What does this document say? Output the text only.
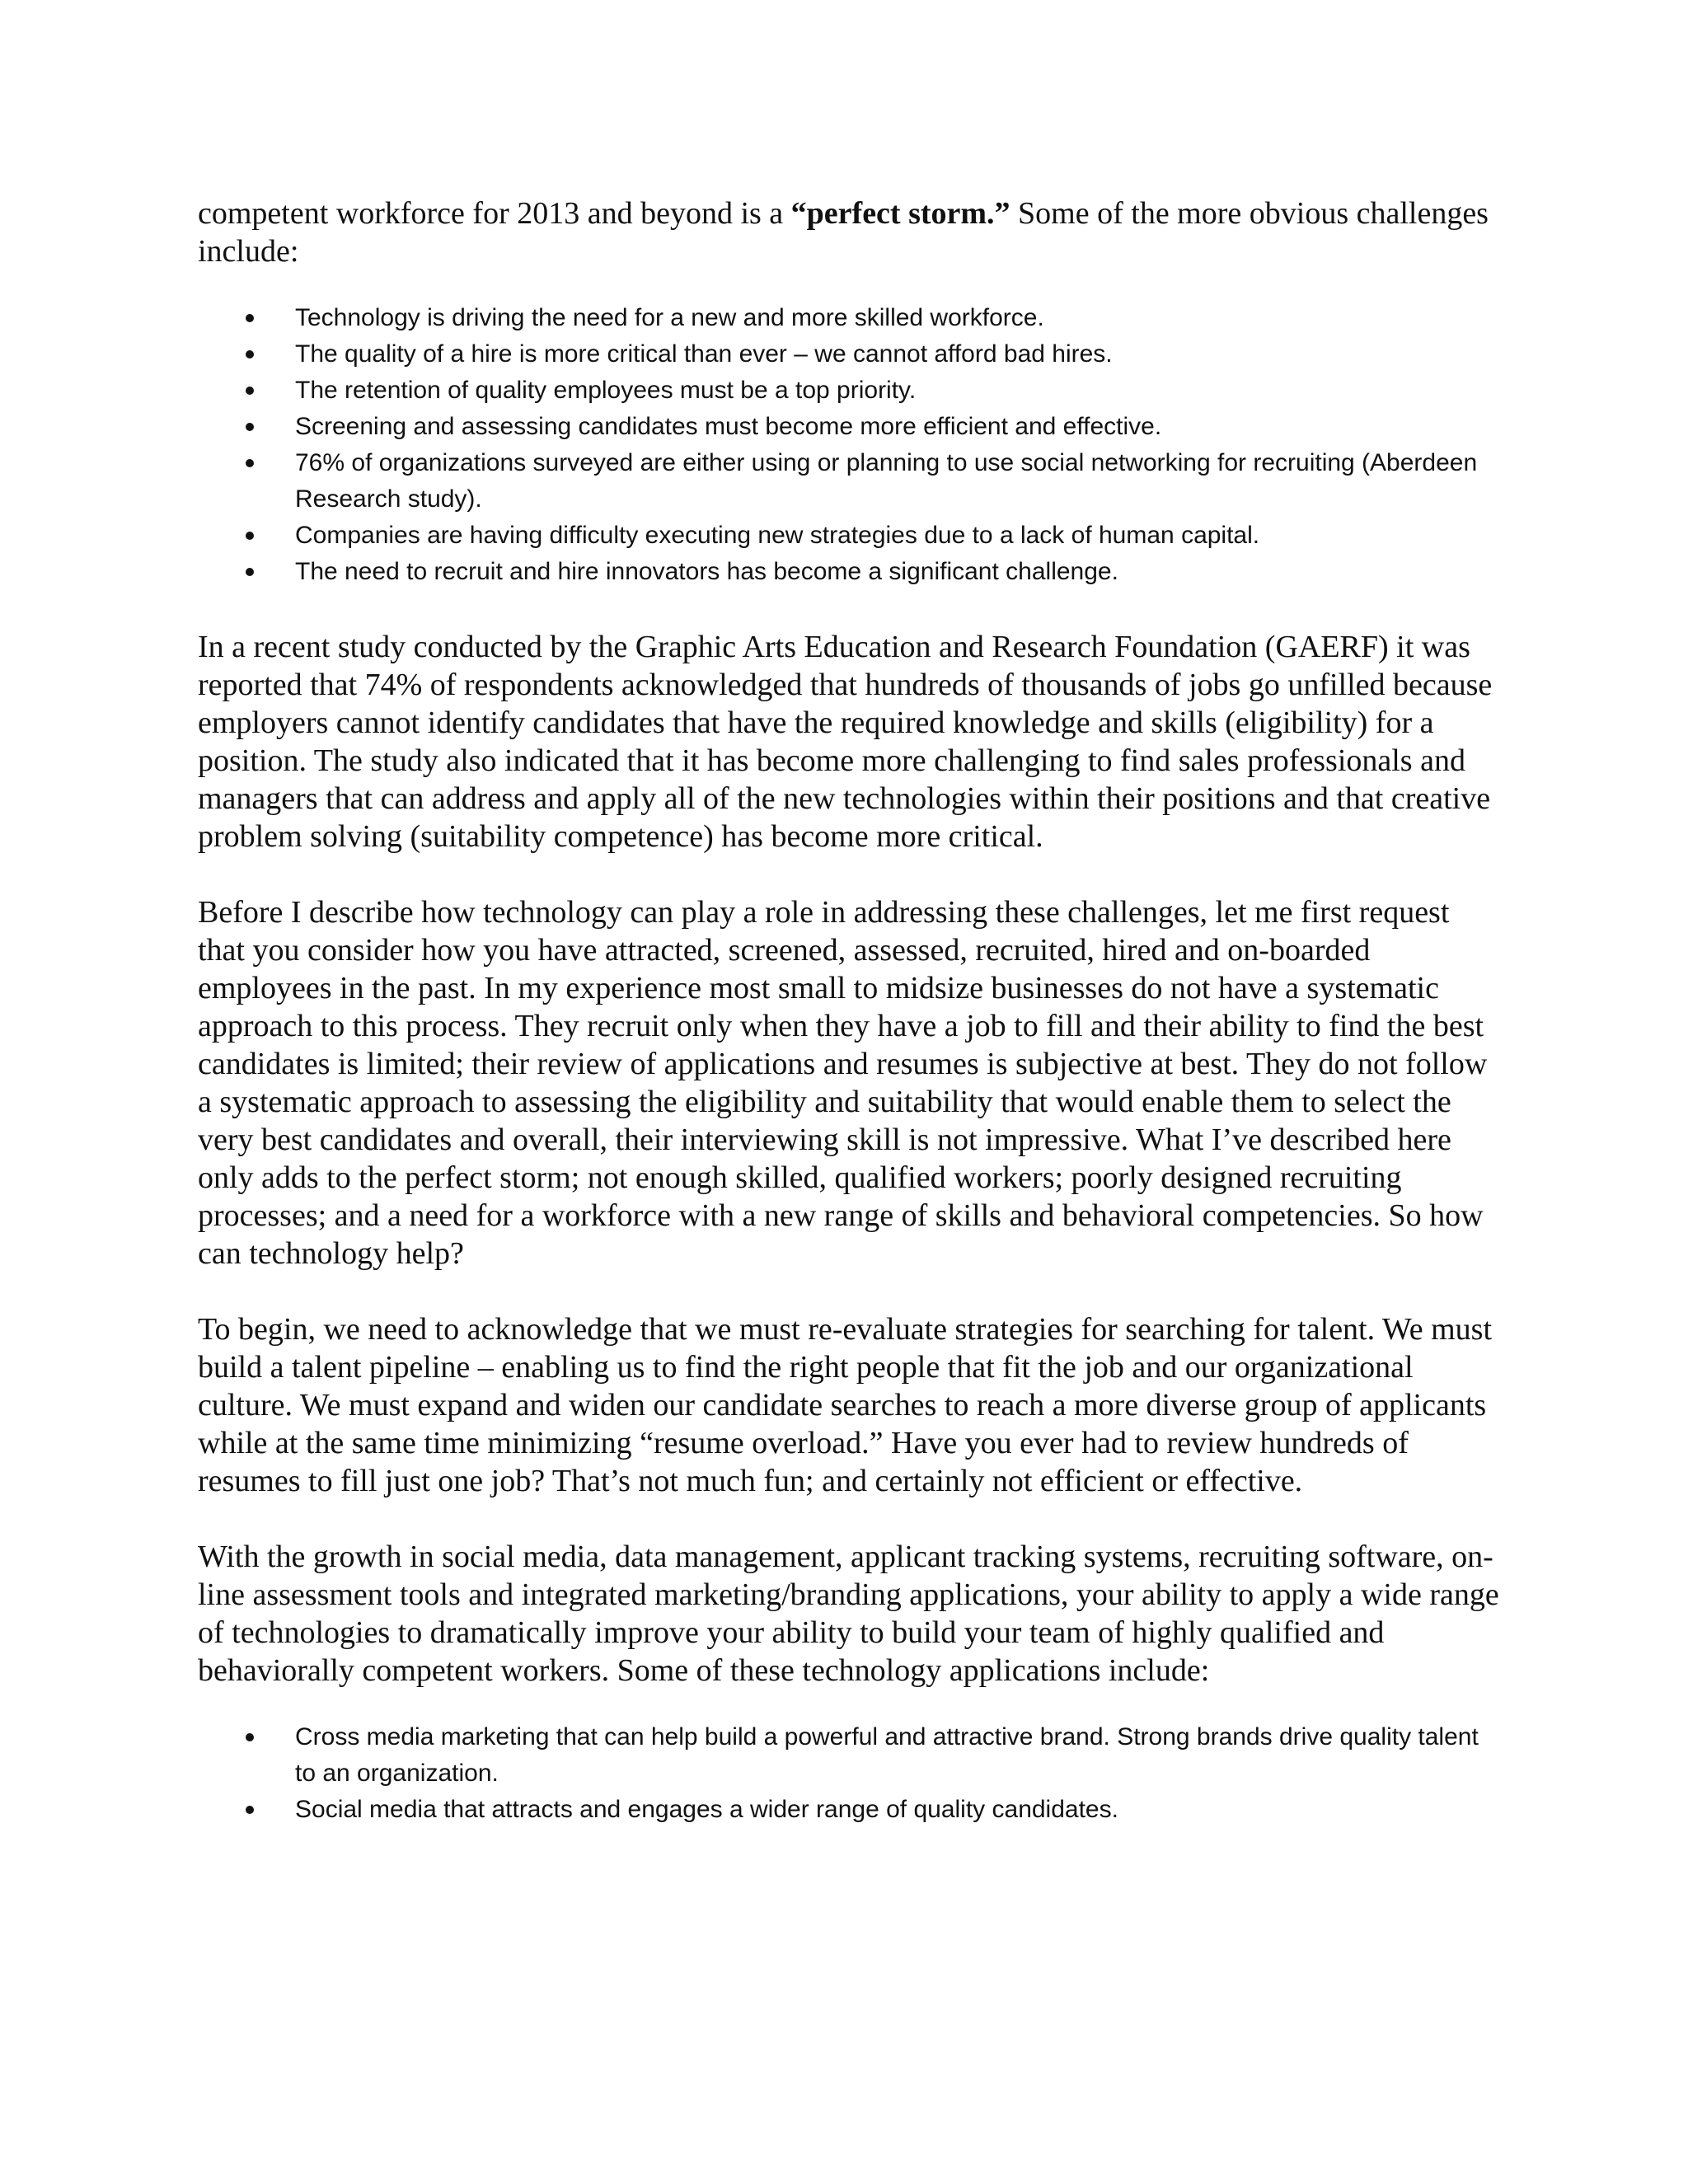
competent workforce for 2013 and beyond is a “perfect storm.” Some of the more obvious challenges include:

Technology is driving the need for a new and more skilled workforce.
The quality of a hire is more critical than ever – we cannot afford bad hires.
The retention of quality employees must be a top priority.
Screening and assessing candidates must become more efficient and effective.
76% of organizations surveyed are either using or planning to use social networking for recruiting (Aberdeen Research study).
Companies are having difficulty executing new strategies due to a lack of human capital.
The need to recruit and hire innovators has become a significant challenge.

In a recent study conducted by the Graphic Arts Education and Research Foundation (GAERF) it was reported that 74% of respondents acknowledged that hundreds of thousands of jobs go unfilled because employers cannot identify candidates that have the required knowledge and skills (eligibility) for a position. The study also indicated that it has become more challenging to find sales professionals and managers that can address and apply all of the new technologies within their positions and that creative problem solving (suitability competence) has become more critical.

Before I describe how technology can play a role in addressing these challenges, let me first request that you consider how you have attracted, screened, assessed, recruited, hired and on-boarded employees in the past. In my experience most small to midsize businesses do not have a systematic approach to this process. They recruit only when they have a job to fill and their ability to find the best candidates is limited; their review of applications and resumes is subjective at best. They do not follow a systematic approach to assessing the eligibility and suitability that would enable them to select the very best candidates and overall, their interviewing skill is not impressive. What I’ve described here only adds to the perfect storm; not enough skilled, qualified workers; poorly designed recruiting processes; and a need for a workforce with a new range of skills and behavioral competencies. So how can technology help?

To begin, we need to acknowledge that we must re-evaluate strategies for searching for talent. We must build a talent pipeline – enabling us to find the right people that fit the job and our organizational culture. We must expand and widen our candidate searches to reach a more diverse group of applicants while at the same time minimizing “resume overload.” Have you ever had to review hundreds of resumes to fill just one job? That’s not much fun; and certainly not efficient or effective.

With the growth in social media, data management, applicant tracking systems, recruiting software, on-line assessment tools and integrated marketing/branding applications, your ability to apply a wide range of technologies to dramatically improve your ability to build your team of highly qualified and behaviorally competent workers. Some of these technology applications include:

Cross media marketing that can help build a powerful and attractive brand. Strong brands drive quality talent to an organization.
Social media that attracts and engages a wider range of quality candidates.
